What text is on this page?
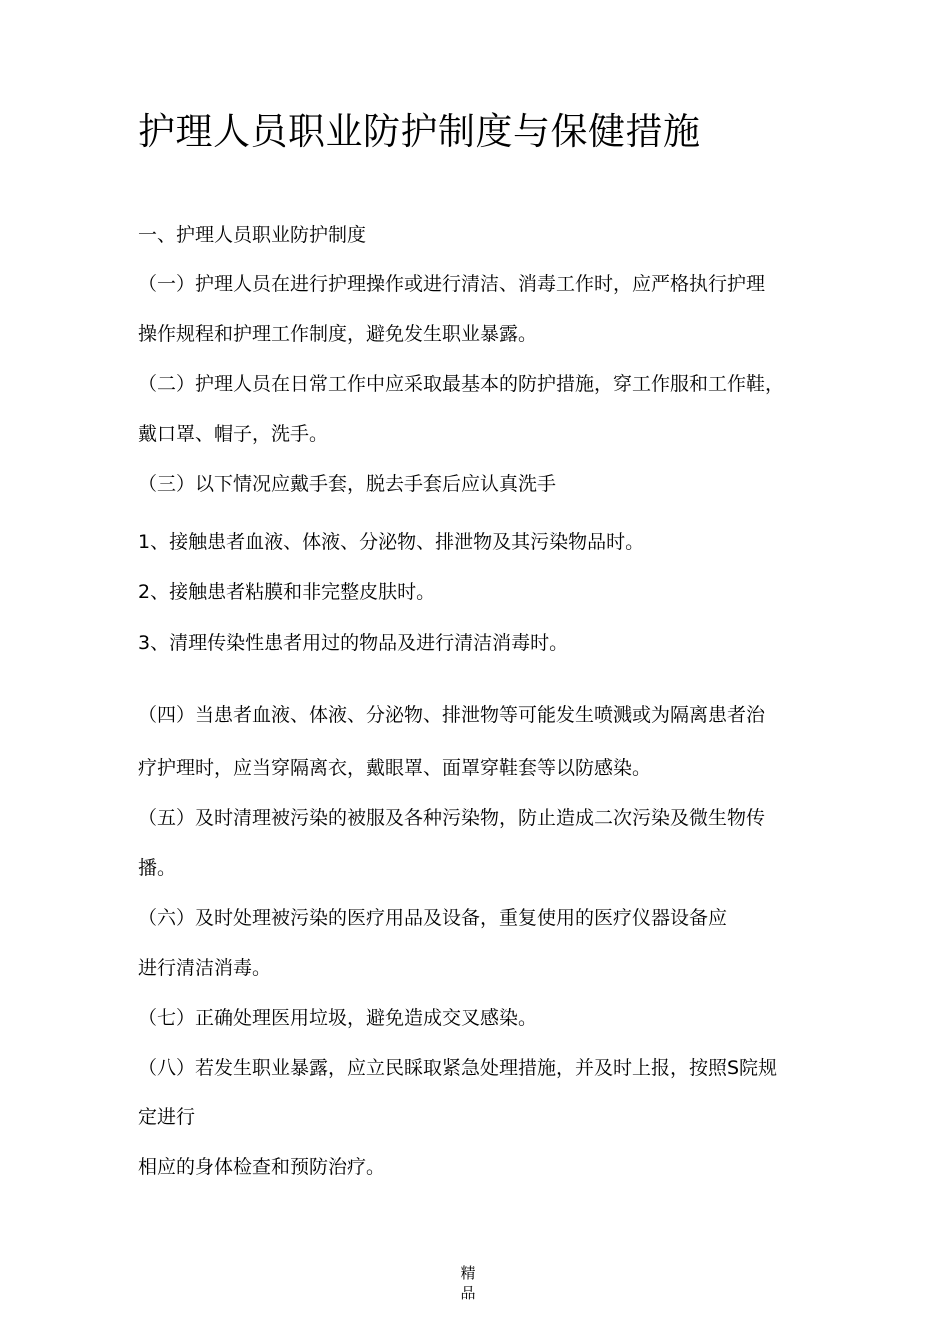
护理人员职业防护制度与保健措施
一、护理人员职业防护制度
（一）护理人员在进行护理操作或进行清洁、消毒工作时，应严格执行护理
操作规程和护理工作制度，避免发生职业暴露。
（二）护理人员在日常工作中应采取最基本的防护措施，穿工作服和工作鞋，
戴口罩、帽子，洗手。
（三）以下情况应戴手套，脱去手套后应认真洗手
1、接触患者血液、体液、分泌物、排泄物及其污染物品时。
2、接触患者粘膜和非完整皮肤时。
3、清理传染性患者用过的物品及进行清洁消毒时。
（四）当患者血液、体液、分泌物、排泄物等可能发生喷溅或为隔离患者治
疗护理时，应当穿隔离衣，戴眼罩、面罩穿鞋套等以防感染。
（五）及时清理被污染的被服及各种污染物，防止造成二次污染及微生物传
播。
（六）及时处理被污染的医疗用品及设备，重复使用的医疗仪器设备应
进行清洁消毒。
（七）正确处理医用垃圾，避免造成交叉感染。
（八）若发生职业暴露，应立民睬取紧急处理措施，并及时上报，按照S院规
定进行
相应的身体检查和预防治疗。
精
品
